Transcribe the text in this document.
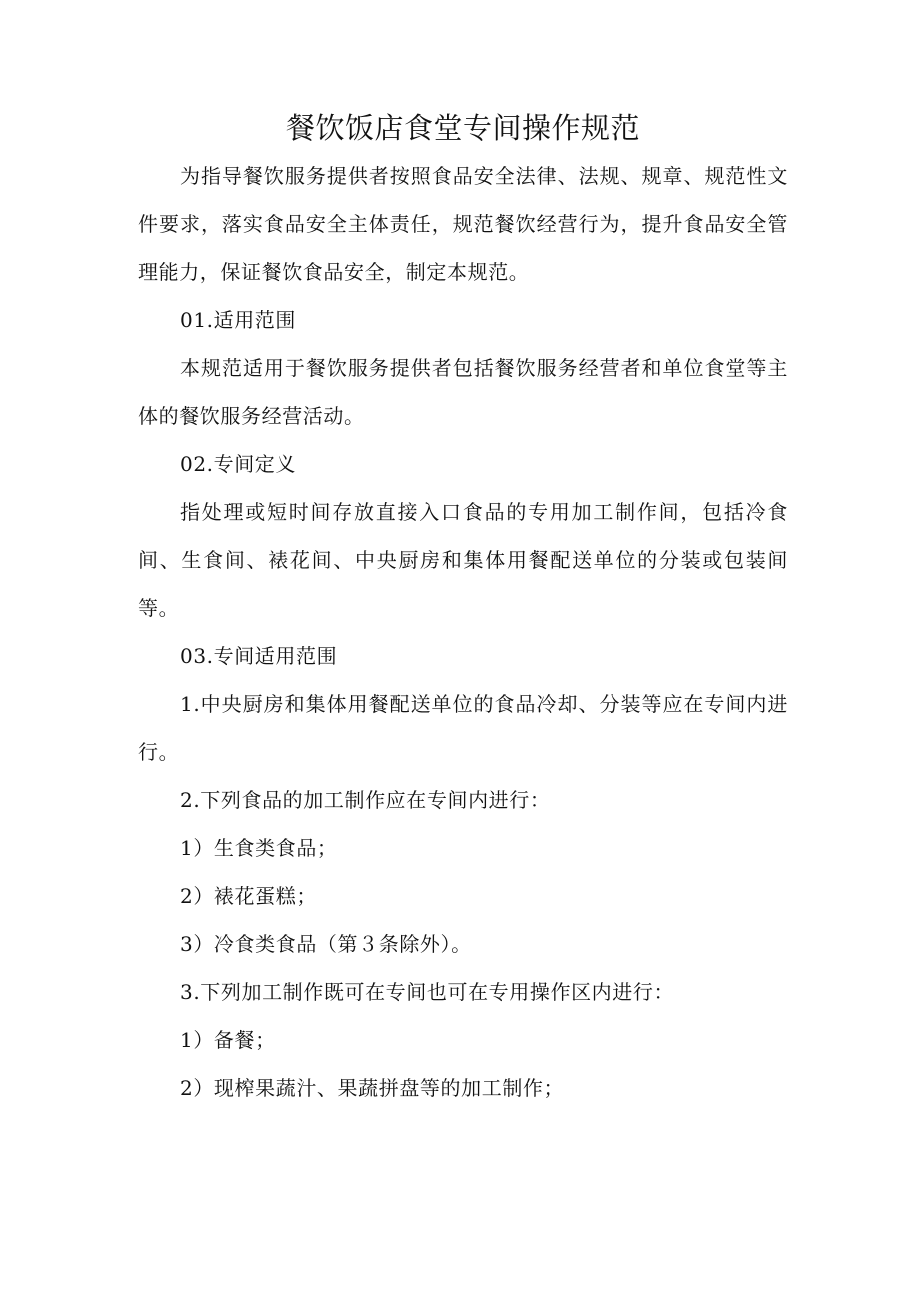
餐饮饭店食堂专间操作规范

为指导餐饮服务提供者按照食品安全法律、法规、规章、规范性文件要求，落实食品安全主体责任，规范餐饮经营行为，提升食品安全管理能力，保证餐饮食品安全，制定本规范。

01.适用范围

本规范适用于餐饮服务提供者包括餐饮服务经营者和单位食堂等主体的餐饮服务经营活动。

02.专间定义

指处理或短时间存放直接入口食品的专用加工制作间，包括冷食间、生食间、裱花间、中央厨房和集体用餐配送单位的分装或包装间等。

03.专间适用范围

1.中央厨房和集体用餐配送单位的食品冷却、分装等应在专间内进行。

2.下列食品的加工制作应在专间内进行：

1）生食类食品；

2）裱花蛋糕；

3）冷食类食品（第３条除外）。

3.下列加工制作既可在专间也可在专用操作区内进行：

1）备餐；

2）现榨果蔬汁、果蔬拼盘等的加工制作；
